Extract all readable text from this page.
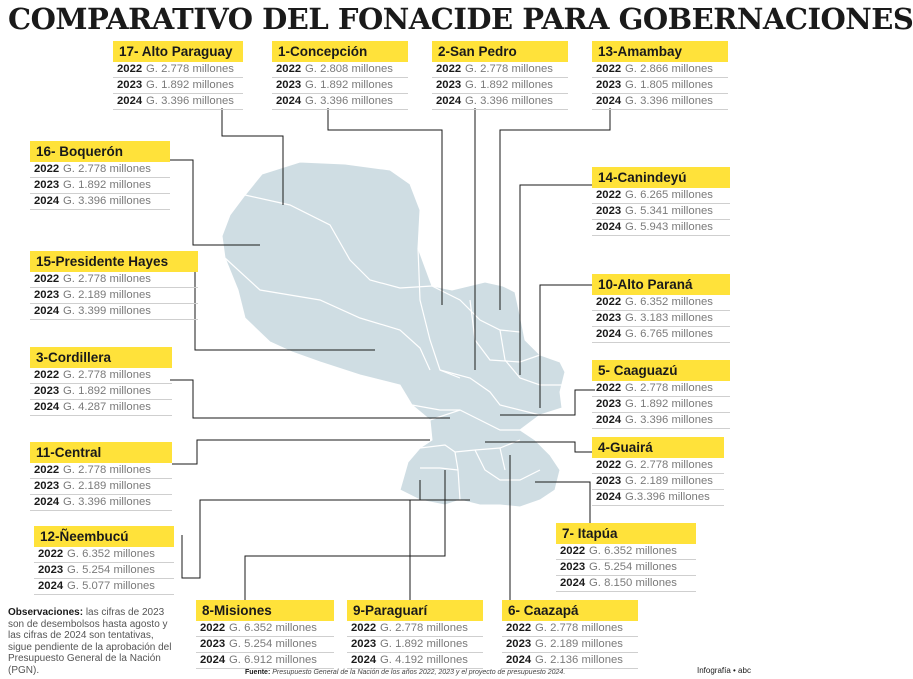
COMPARATIVO DEL FONACIDE PARA GOBERNACIONES
17- Alto Paraguay
2022 G. 2.778 millones
2023 G. 1.892 millones
2024 G. 3.396 millones
1-Concepción
2022 G. 2.808 millones
2023 G. 1.892 millones
2024 G. 3.396 millones
2-San Pedro
2022 G. 2.778 millones
2023 G. 1.892 millones
2024 G. 3.396 millones
13-Amambay
2022 G. 2.866 millones
2023 G. 1.805 millones
2024 G. 3.396 millones
16- Boquerón
2022 G. 2.778 millones
2023 G. 1.892 millones
2024 G. 3.396 millones
14-Canindeyú
2022 G. 6.265 millones
2023 G. 5.341 millones
2024 G. 5.943 millones
15-Presidente Hayes
2022 G. 2.778 millones
2023 G. 2.189 millones
2024 G. 3.399 millones
10-Alto Paraná
2022 G. 6.352 millones
2023 G. 3.183 millones
2024 G. 6.765 millones
3-Cordillera
2022 G. 2.778 millones
2023 G. 1.892 millones
2024 G. 4.287 millones
5- Caaguazú
2022 G. 2.778 millones
2023 G. 1.892 millones
2024 G. 3.396 millones
11-Central
2022 G. 2.778 millones
2023 G. 2.189 millones
2024 G. 3.396 millones
4-Guairá
2022 G. 2.778 millones
2023 G. 2.189 millones
2024 G.3.396 millones
12-Ñeembucú
2022 G. 6.352 millones
2023 G. 5.254 millones
2024 G. 5.077 millones
7- Itapúa
2022 G. 6.352 millones
2023 G. 5.254 millones
2024 G. 8.150 millones
8-Misiones
2022 G. 6.352 millones
2023 G. 5.254 millones
2024 G. 6.912 millones
9-Paraguarí
2022 G. 2.778 millones
2023 G. 1.892 millones
2024 G. 4.192 millones
6- Caazapá
2022 G. 2.778 millones
2023 G. 2.189 millones
2024 G. 2.136 millones
Observaciones: las cifras de 2023 son de desembolsos hasta agosto y las cifras de 2024 son tentativas, sigue pendiente de la aprobación del Presupuesto General de la Nación (PGN).	Fuente: Presupuesto General de la Nación de los años 2022, 2023 y el proyecto de presupuesto 2024.	Infografía • abc
